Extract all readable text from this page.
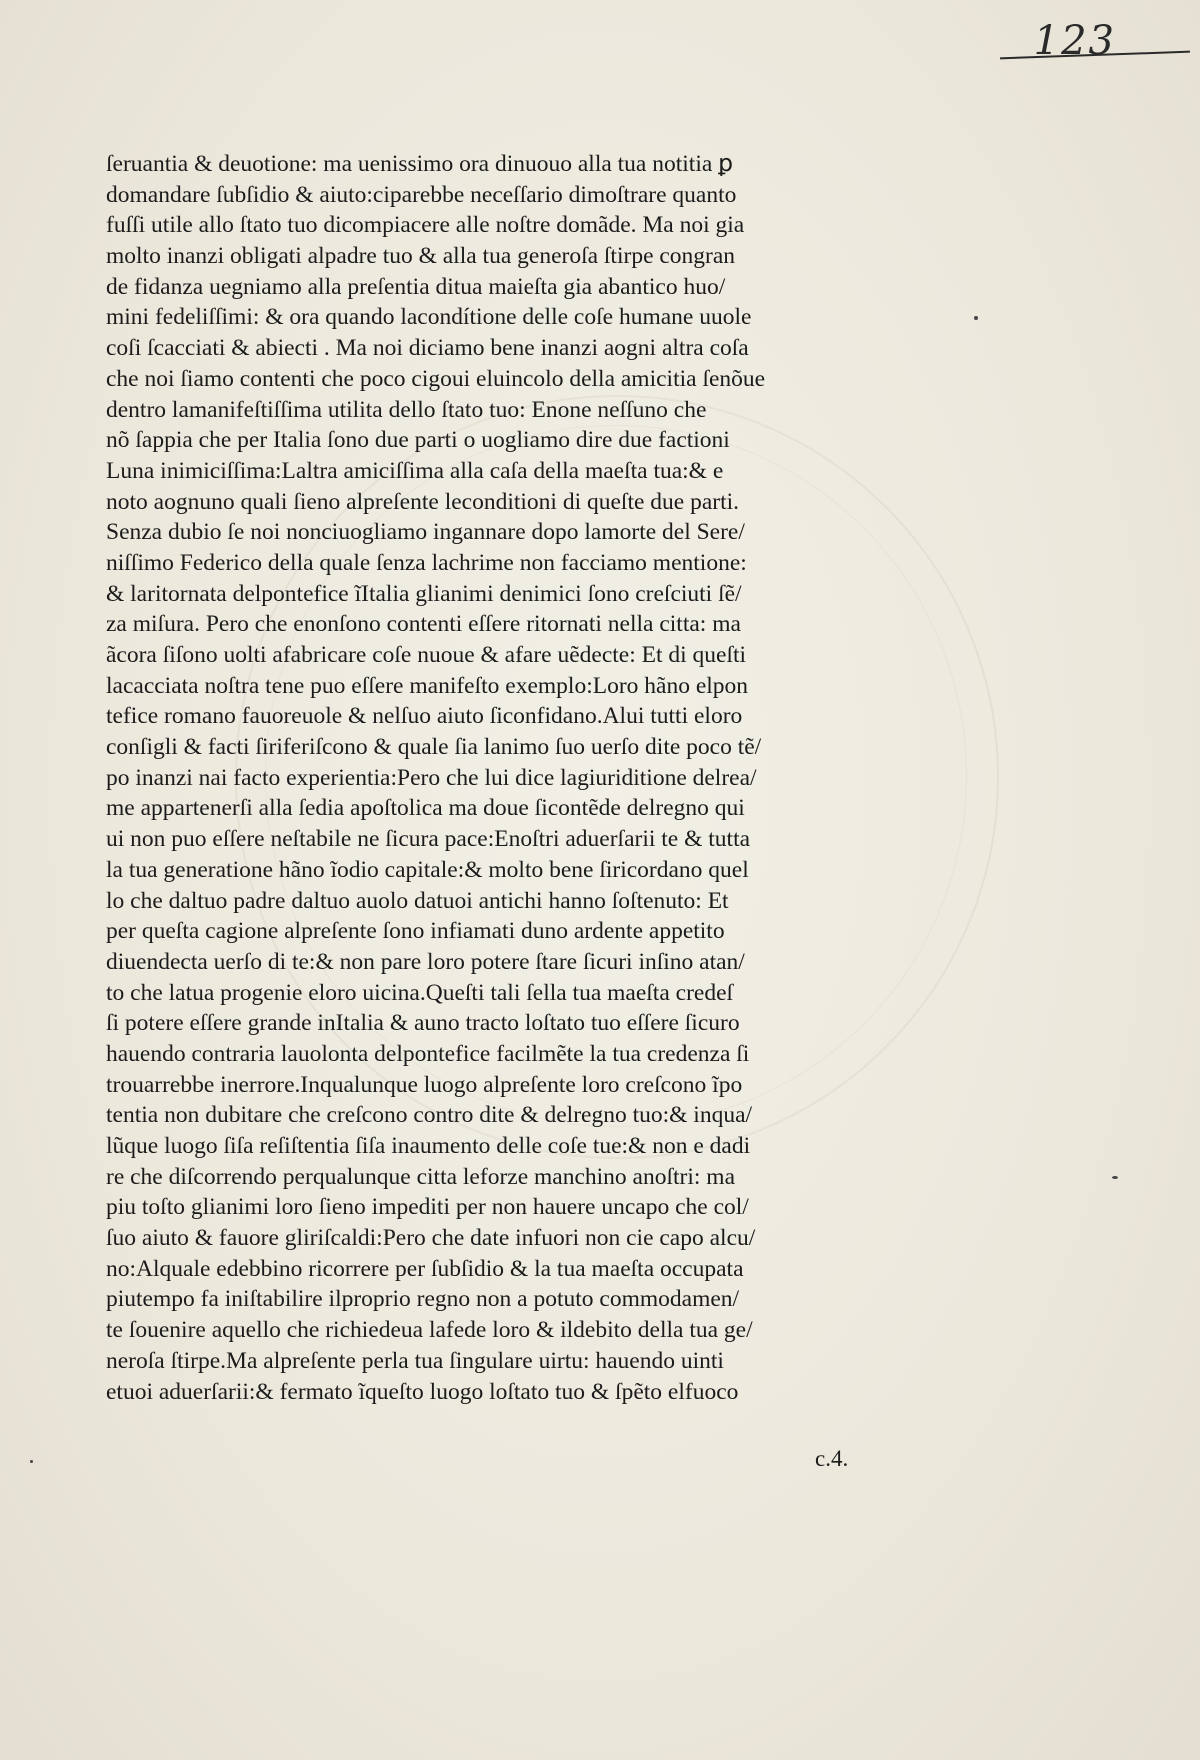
123
ſeruantia & deuotione: ma uenissimo ora dinuouo alla tua notitia ꝑ
domandare ſubſidio & aiuto:ciparebbe neceſſario dimoſtrare quanto
fuſſi utile allo ſtato tuo dicompiacere alle noſtre domãde. Ma noi gia
molto inanzi obligati alpadre tuo & alla tua generoſa ſtirpe congran
de fidanza uegniamo alla preſentia ditua maieſta gia abantico huo/
mini fedeliſſimi: & ora quando lacondítione delle coſe humane uuole
coſi ſcacciati & abiecti . Ma noi diciamo bene inanzi aogni altra coſa
che noi ſiamo contenti che poco cigoui eluincolo della amicitia ſenõue
dentro lamanifeſtiſſima utilita dello ſtato tuo: Enone neſſuno che
nõ ſappia che per Italia ſono due parti o uogliamo dire due factioni
Luna inimiciſſima:Laltra amiciſſima alla caſa della maeſta tua:& e
noto aognuno quali ſieno alpreſente leconditioni di queſte due parti.
Senza dubio ſe noi nonciuogliamo ingannare dopo lamorte del Sere/
niſſimo Federico della quale ſenza lachrime non facciamo mentione:
& laritornata delpontefice ĩItalia glianimi denimici ſono creſciuti ſẽ/
za miſura. Pero che enonſono contenti eſſere ritornati nella citta: ma
ãcora ſiſono uolti afabricare coſe nuoue & afare uẽdecte: Et di queſti
lacacciata noſtra tene puo eſſere manifeſto exemplo:Loro hãno elpon
tefice romano fauoreuole & nelſuo aiuto ſiconfidano.Alui tutti eloro
conſigli & facti ſiriferiſcono & quale ſia lanimo ſuo uerſo dite poco tẽ/
po inanzi nai facto experientia:Pero che lui dice lagiuriditione delrea/
me appartenerſi alla ſedia apoſtolica ma doue ſicontẽde delregno qui
ui non puo eſſere neſtabile ne ſicura pace:Enoſtri aduerſarii te & tutta
la tua generatione hãno ĩodio capitale:& molto bene ſiricordano quel
lo che daltuo padre daltuo auolo datuoi antichi hanno ſoſtenuto: Et
per queſta cagione alpreſente ſono infiamati duno ardente appetito
diuendecta uerſo di te:& non pare loro potere ſtare ſicuri inſino atan/
to che latua progenie eloro uicina.Queſti tali ſella tua maeſta credeſ
ſi potere eſſere grande inItalia & auno tracto loſtato tuo eſſere ſicuro
hauendo contraria lauolonta delpontefice facilmẽte la tua credenza ſi
trouarrebbe inerrore.Inqualunque luogo alpreſente loro creſcono ĩpo
tentia non dubitare che creſcono contro dite & delregno tuo:& inqua/
lũque luogo ſiſa reſiſtentia ſiſa inaumento delle coſe tue:& non e dadi
re che diſcorrendo perqualunque citta leforze manchino anoſtri: ma
piu toſto glianimi loro ſieno impediti per non hauere uncapo che col/
ſuo aiuto & fauore gliriſcaldi:Pero che date infuori non cie capo alcu/
no:Alquale edebbino ricorrere per ſubſidio & la tua maeſta occupata
piutempo fa iniſtabilire ilproprio regno non a potuto commodamen/
te ſouenire aquello che richiedeua lafede loro & ildebito della tua ge/
neroſa ſtirpe.Ma alpreſente perla tua ſingulare uirtu: hauendo uinti
etuoi aduerſarii:& fermato ĩqueſto luogo loſtato tuo & ſpẽto elfuoco
c.4.
